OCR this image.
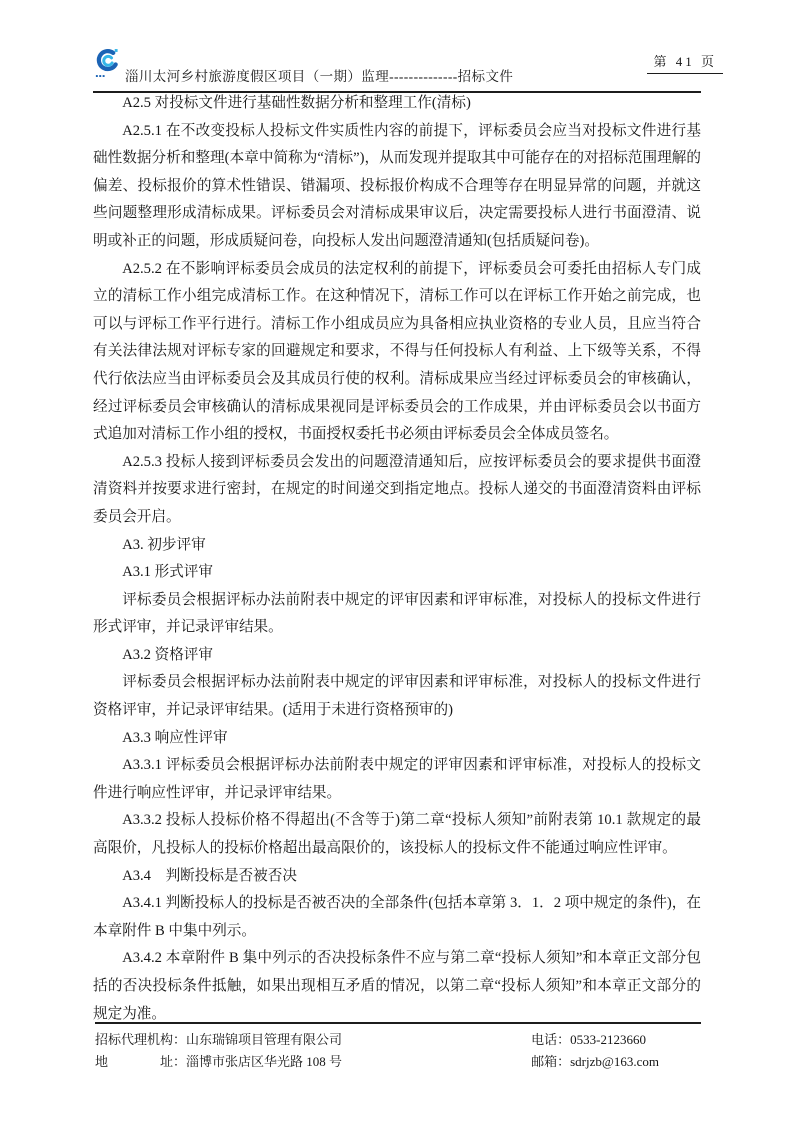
淄川太河乡村旅游度假区项目（一期）监理--------------招标文件
第 41 页

A2.5 对投标文件进行基础性数据分析和整理工作(清标)

A2.5.1 在不改变投标人投标文件实质性内容的前提下，评标委员会应当对投标文件进行基础性数据分析和整理(本章中简称为“清标”)，从而发现并提取其中可能存在的对招标范围理解的偏差、投标报价的算术性错误、错漏项、投标报价构成不合理等存在明显异常的问题，并就这些问题整理形成清标成果。评标委员会对清标成果审议后，决定需要投标人进行书面澄清、说明或补正的问题，形成质疑问卷，向投标人发出问题澄清通知(包括质疑问卷)。

A2.5.2 在不影响评标委员会成员的法定权利的前提下，评标委员会可委托由招标人专门成立的清标工作小组完成清标工作。在这种情况下，清标工作可以在评标工作开始之前完成，也可以与评标工作平行进行。清标工作小组成员应为具备相应执业资格的专业人员，且应当符合有关法律法规对评标专家的回避规定和要求，不得与任何投标人有利益、上下级等关系，不得代行依法应当由评标委员会及其成员行使的权利。清标成果应当经过评标委员会的审核确认，经过评标委员会审核确认的清标成果视同是评标委员会的工作成果，并由评标委员会以书面方式追加对清标工作小组的授权，书面授权委托书必须由评标委员会全体成员签名。

A2.5.3 投标人接到评标委员会发出的问题澄清通知后，应按评标委员会的要求提供书面澄清资料并按要求进行密封，在规定的时间递交到指定地点。投标人递交的书面澄清资料由评标委员会开启。

A3. 初步评审

A3.1 形式评审

评标委员会根据评标办法前附表中规定的评审因素和评审标准，对投标人的投标文件进行形式评审，并记录评审结果。

A3.2 资格评审

评标委员会根据评标办法前附表中规定的评审因素和评审标准，对投标人的投标文件进行资格评审，并记录评审结果。(适用于未进行资格预审的)

A3.3 响应性评审

A3.3.1 评标委员会根据评标办法前附表中规定的评审因素和评审标准，对投标人的投标文件进行响应性评审，并记录评审结果。

A3.3.2 投标人投标价格不得超出(不含等于)第二章“投标人须知”前附表第 10.1 款规定的最高限价，凡投标人的投标价格超出最高限价的，该投标人的投标文件不能通过响应性评审。

A3.4　判断投标是否被否决

A3.4.1 判断投标人的投标是否被否决的全部条件(包括本章第 3．1．2 项中规定的条件)，在本章附件 B 中集中列示。

A3.4.2 本章附件 B 集中列示的否决投标条件不应与第二章“投标人须知”和本章正文部分包括的否决投标条件抵触，如果出现相互矛盾的情况，以第二章“投标人须知”和本章正文部分的规定为准。

招标代理机构：山东瑞锦项目管理有限公司
地　　　　址：淄博市张店区华光路 108 号
电话：0533-2123660
邮箱：sdrjzb@163.com
